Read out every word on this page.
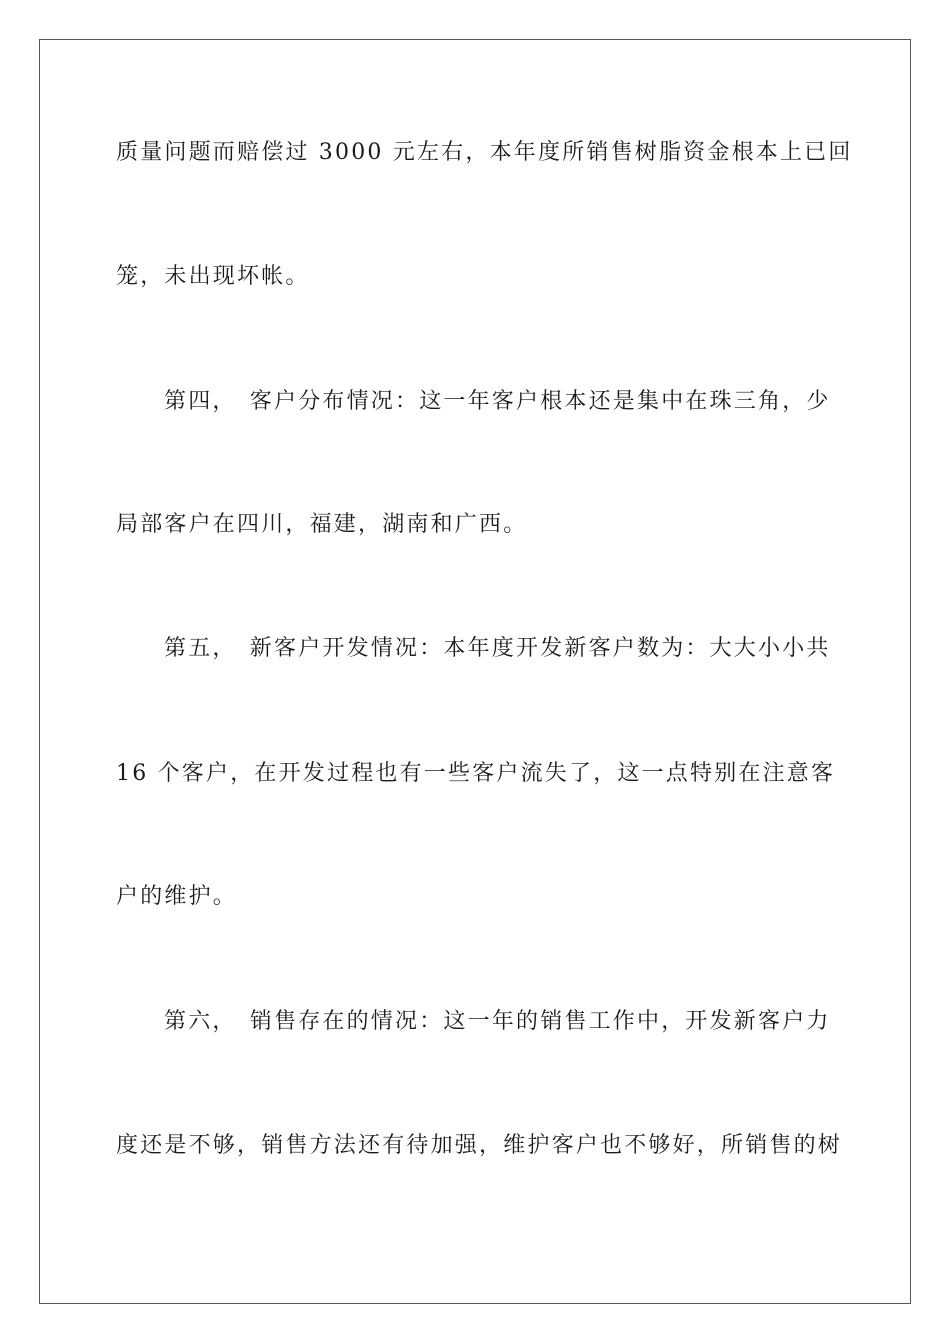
质量问题而赔偿过 3000 元左右，本年度所销售树脂资金根本上已回
笼，未出现坏帐。
第四，　客户分布情况：这一年客户根本还是集中在珠三角，少
局部客户在四川，福建，湖南和广西。
第五，　新客户开发情况：本年度开发新客户数为：大大小小共
16 个客户，在开发过程也有一些客户流失了，这一点特别在注意客
户的维护。
第六，　销售存在的情况：这一年的销售工作中，开发新客户力
度还是不够，销售方法还有待加强，维护客户也不够好，所销售的树
